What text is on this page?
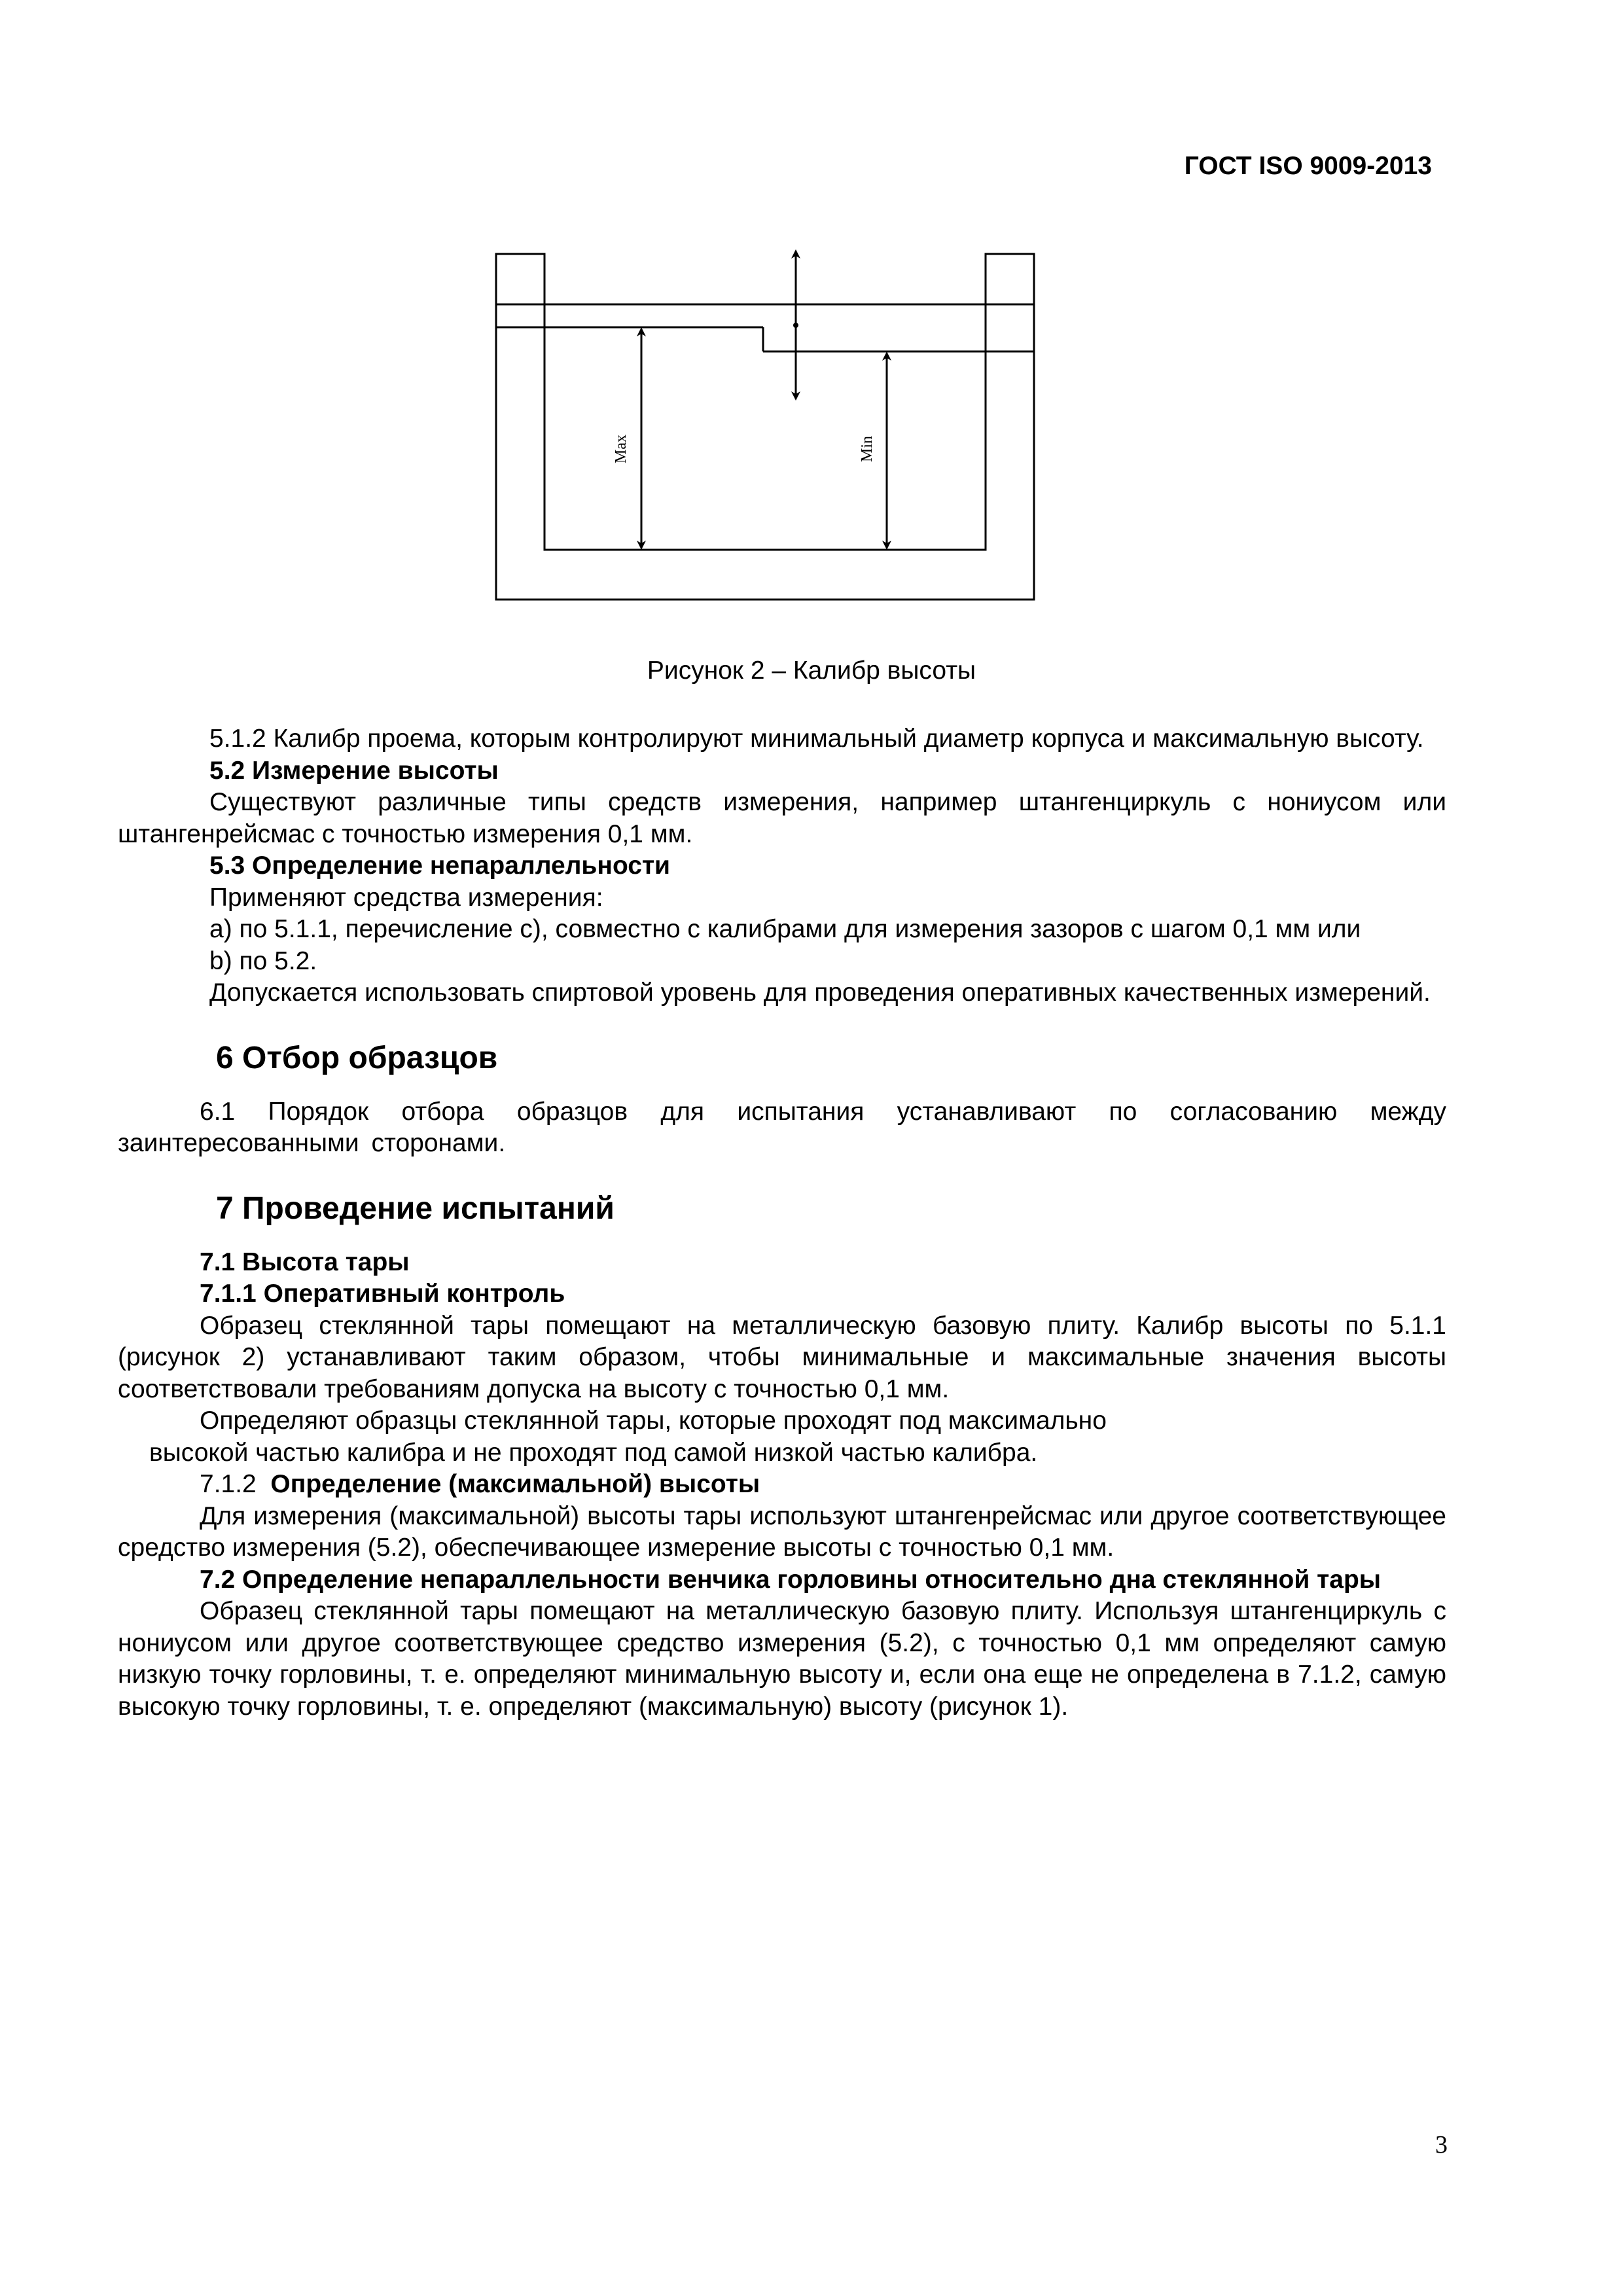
ГОСТ ISO 9009-2013
Max	Min
Рисунок 2 – Калибр высоты

5.1.2 Калибр проема, которым контролируют минимальный диаметр корпуса и максимальную высоту.

5.2 Измерение высоты

Существуют различные типы средств измерения, например штангенциркуль с нониусом или штангенрейсмас с точностью измерения 0,1 мм.

5.3 Определение непараллельности

Применяют средства измерения:

a) по 5.1.1, перечисление c), совместно с калибрами для измерения зазоров с шагом 0,1 мм или

b) по 5.2.

Допускается использовать спиртовой уровень для проведения оперативных качественных измерений.

6 Отбор образцов

6.1 Порядок отбора образцов для испытания устанавливают по согласованию между заинтересованными сторонами.

7 Проведение испытаний

7.1 Высота тары

7.1.1 Оперативный контроль

Образец стеклянной тары помещают на металлическую базовую плиту. Калибр высоты по 5.1.1 (рисунок 2) устанавливают таким образом, чтобы минимальные и максимальные значения высоты соответствовали требованиям допуска на высоту с точностью 0,1 мм.

Определяют образцы стеклянной тары, которые проходят под максимально

высокой частью калибра и не проходят под самой низкой частью калибра.

7.1.2 Определение (максимальной) высоты

Для измерения (максимальной) высоты тары используют штангенрейсмас или другое соответствующее средство измерения (5.2), обеспечивающее измерение высоты с точностью 0,1 мм.

7.2 Определение непараллельности венчика горловины относительно дна стеклянной тары

Образец стеклянной тары помещают на металлическую базовую плиту. Используя штангенциркуль с нониусом или другое соответствующее средство измерения (5.2), с точностью 0,1 мм определяют самую низкую точку горловины, т. е. определяют минимальную высоту и, если она еще не определена в 7.1.2, самую высокую точку горловины, т. е. определяют (максимальную) высоту (рисунок 1).

3
